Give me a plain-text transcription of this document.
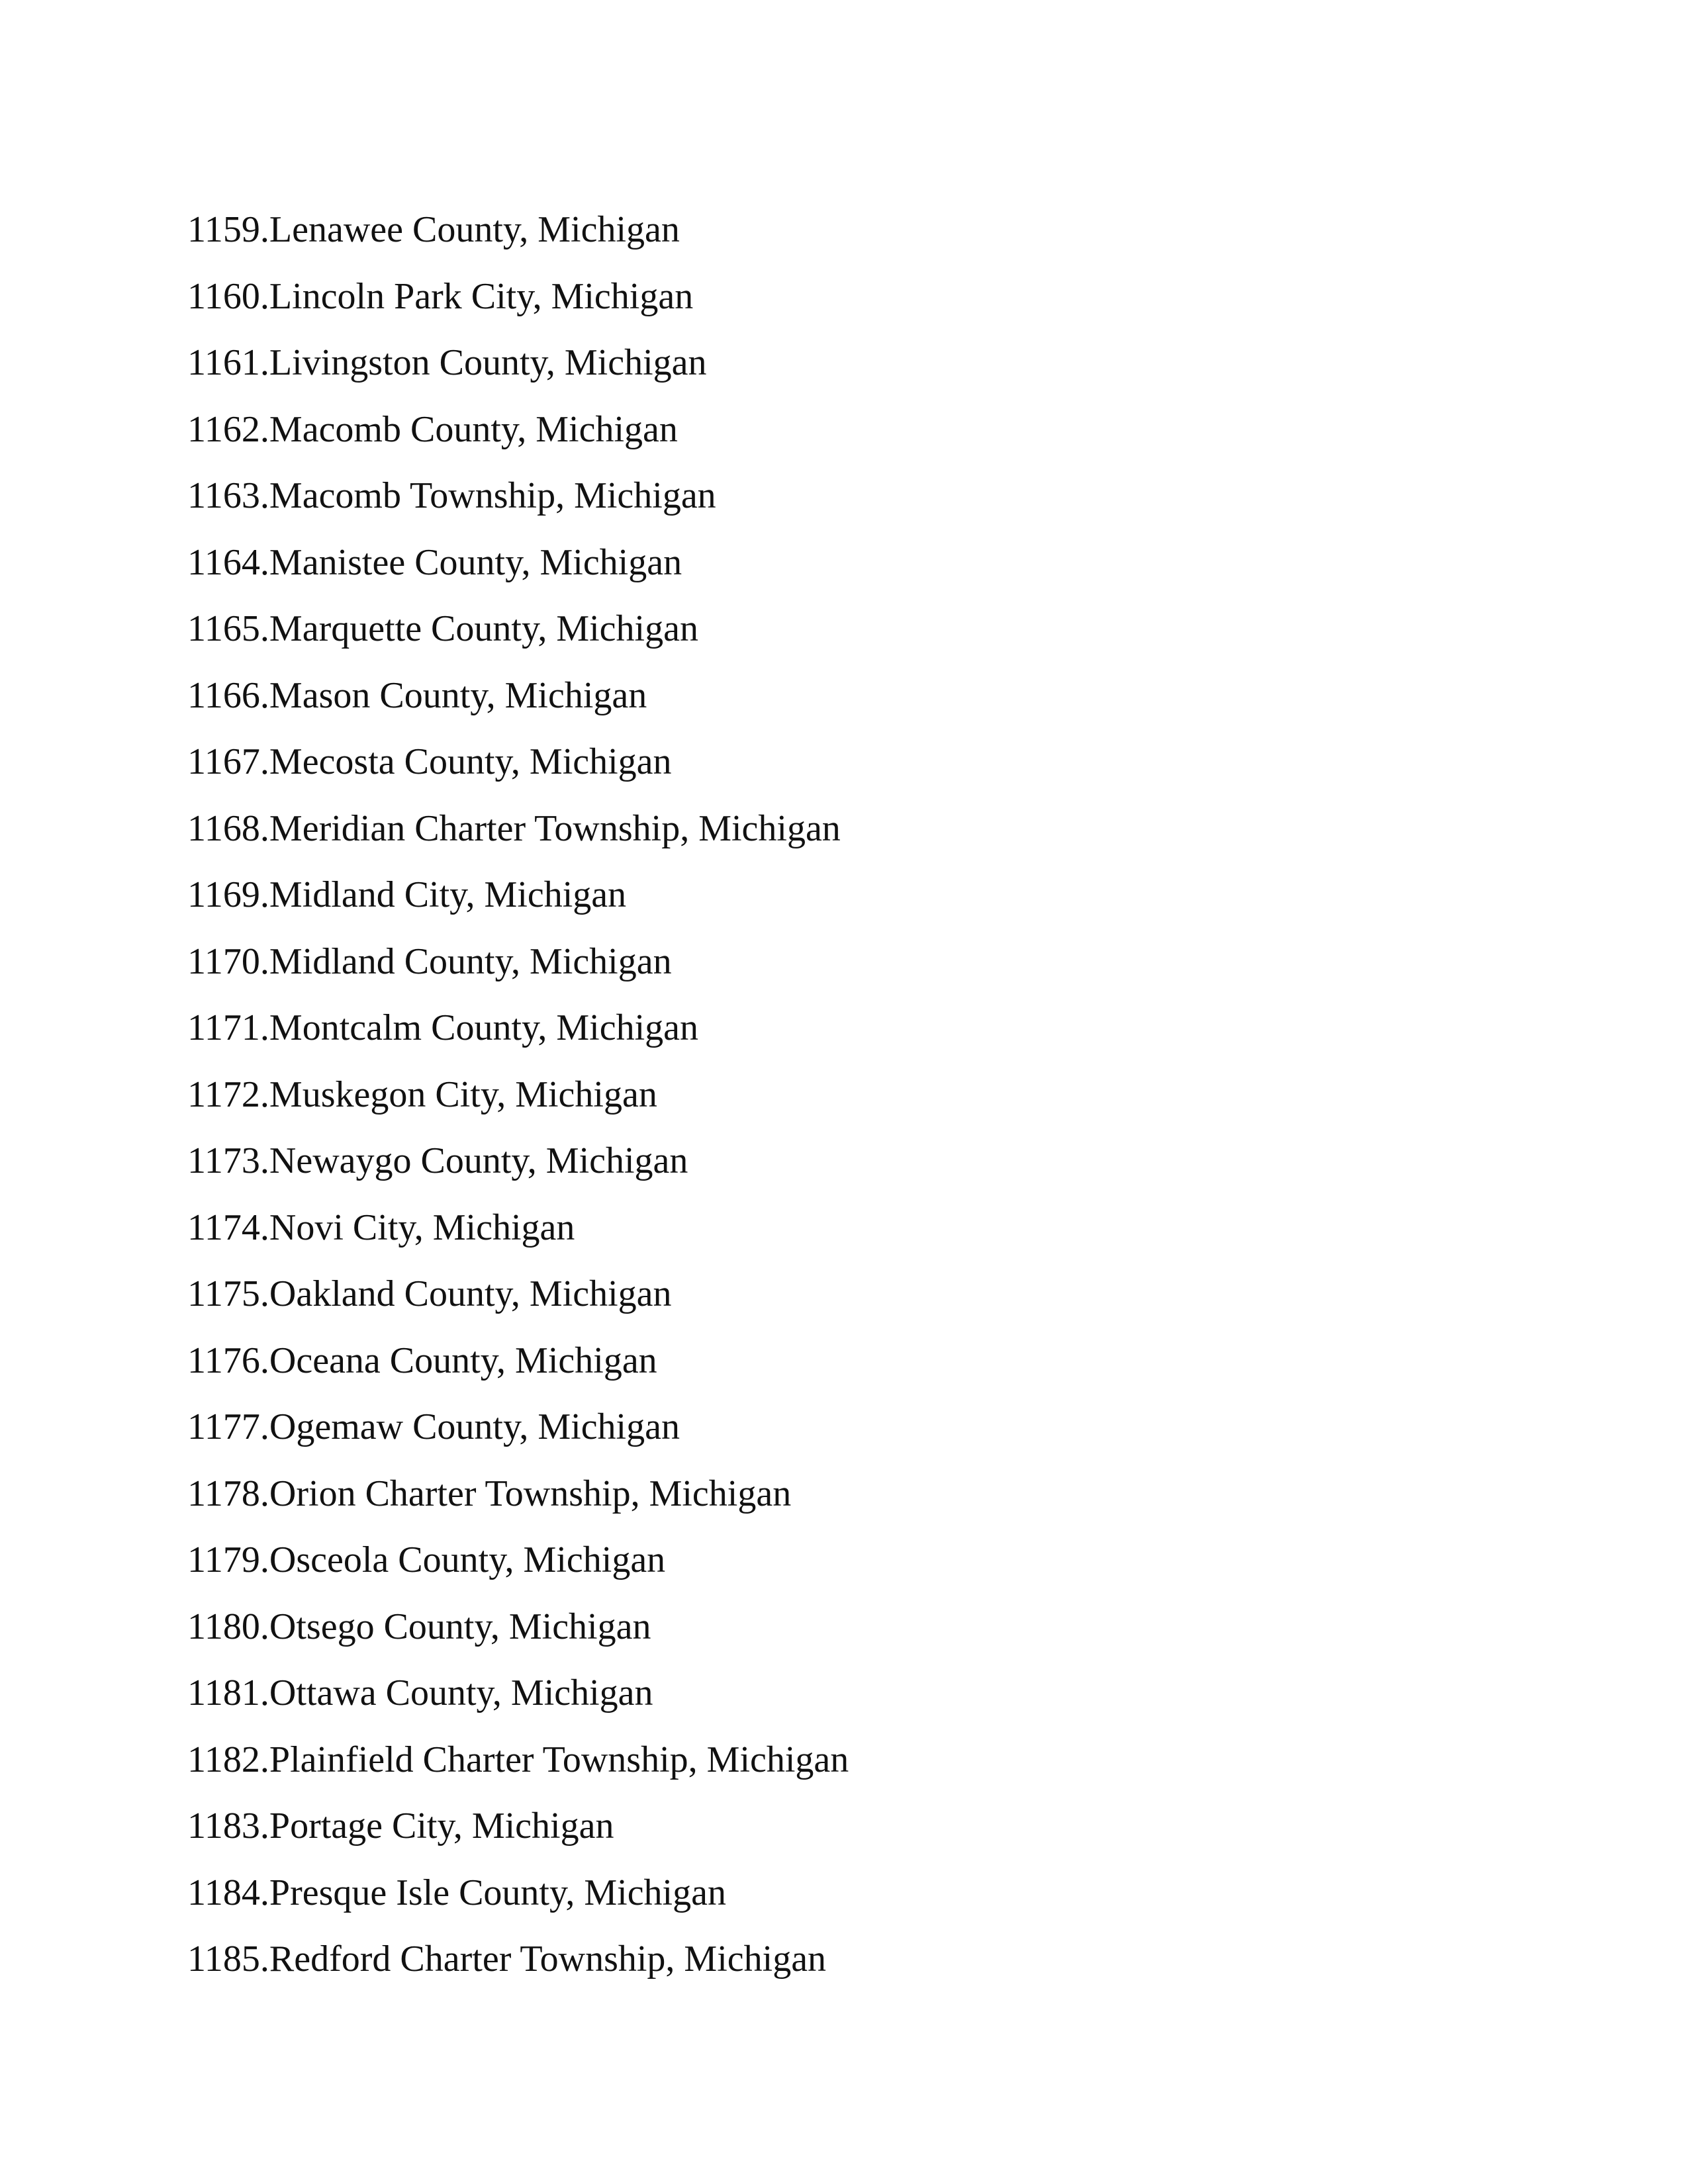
1159.Lenawee County, Michigan
1160.Lincoln Park City, Michigan
1161.Livingston County, Michigan
1162.Macomb County, Michigan
1163.Macomb Township, Michigan
1164.Manistee County, Michigan
1165.Marquette County, Michigan
1166.Mason County, Michigan
1167.Mecosta County, Michigan
1168.Meridian Charter Township, Michigan
1169.Midland City, Michigan
1170.Midland County, Michigan
1171.Montcalm County, Michigan
1172.Muskegon City, Michigan
1173.Newaygo County, Michigan
1174.Novi City, Michigan
1175.Oakland County, Michigan
1176.Oceana County, Michigan
1177.Ogemaw County, Michigan
1178.Orion Charter Township, Michigan
1179.Osceola County, Michigan
1180.Otsego County, Michigan
1181.Ottawa County, Michigan
1182.Plainfield Charter Township, Michigan
1183.Portage City, Michigan
1184.Presque Isle County, Michigan
1185.Redford Charter Township, Michigan
